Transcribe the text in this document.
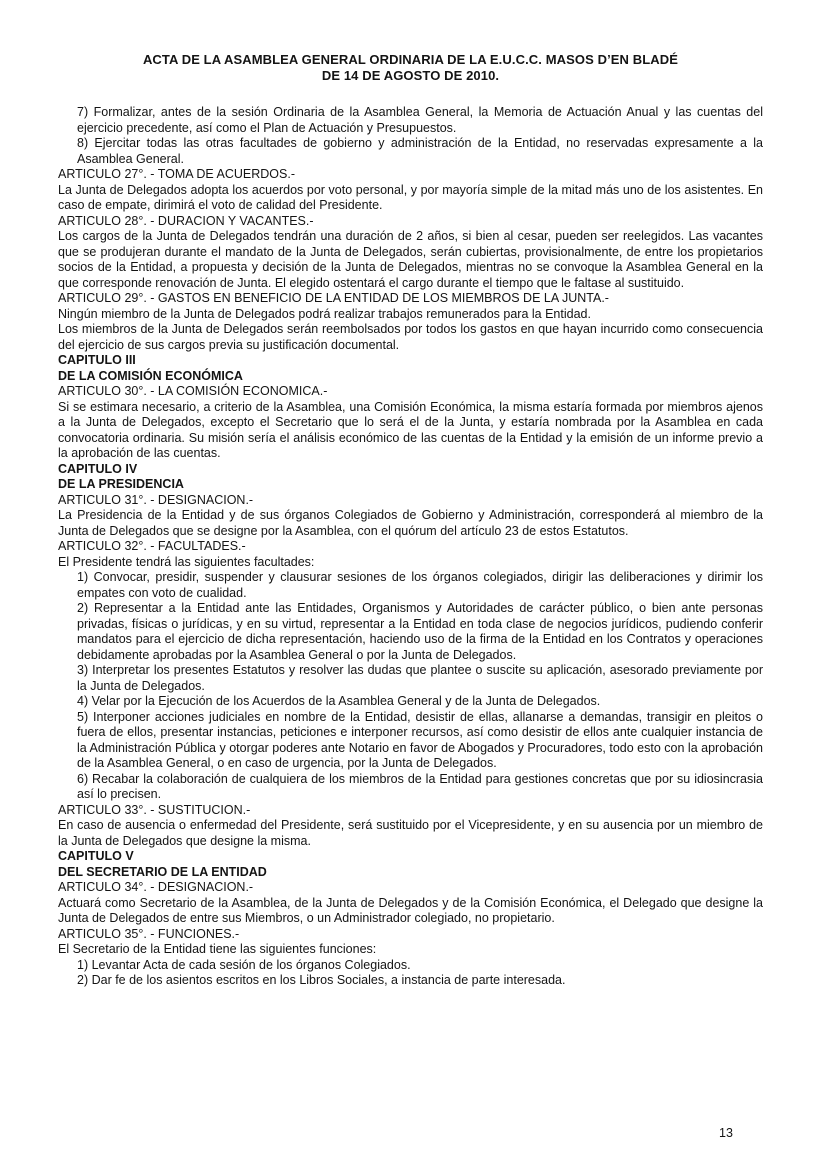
ACTA DE LA ASAMBLEA GENERAL ORDINARIA DE LA E.U.C.C. MASOS D’EN BLADÉ
DE 14 DE AGOSTO DE 2010.

7) Formalizar, antes de la sesión Ordinaria de la Asamblea General, la Memoria de Actuación Anual y las cuentas del ejercicio precedente, así como el Plan de Actuación y Presupuestos.

8) Ejercitar todas las otras facultades de gobierno y administración de la Entidad, no reservadas expresamente a la Asamblea General.

ARTICULO 27°. - TOMA DE ACUERDOS.-

La Junta de Delegados adopta los acuerdos por voto personal, y por mayoría simple de la mitad más uno de los asistentes. En caso de empate, dirimirá el voto de calidad del Presidente.

ARTICULO 28°. - DURACION Y VACANTES.-

Los cargos de la Junta de Delegados tendrán una duración de 2 años, si bien al cesar, pueden ser reelegidos. Las vacantes que se produjeran durante el mandato de la Junta de Delegados, serán cubiertas, provisionalmente, de entre los propietarios socios de la Entidad, a propuesta y decisión de la Junta de Delegados, mientras no se convoque la Asamblea General en la que corresponde renovación de Junta. El elegido ostentará el cargo durante el tiempo que le faltase al sustituido.

ARTICULO 29°. - GASTOS EN BENEFICIO DE LA ENTIDAD DE LOS MIEMBROS DE LA JUNTA.-

Ningún miembro de la Junta de Delegados podrá realizar trabajos remunerados para la Entidad.

Los miembros de la Junta de Delegados serán reembolsados por todos los gastos en que hayan incurrido como consecuencia del ejercicio de sus cargos previa su justificación documental.

CAPITULO III

DE LA COMISIÓN ECONÓMICA

ARTICULO 30°. - LA COMISIÓN ECONOMICA.-

Si se estimara necesario, a criterio de la Asamblea, una Comisión Económica, la misma estaría formada por miembros ajenos a la Junta de Delegados, excepto el Secretario que lo será el de la Junta, y estaría nombrada por la Asamblea en cada convocatoria ordinaria. Su misión sería el análisis económico de las cuentas de la Entidad y la emisión de un informe previo a la aprobación de las cuentas.

CAPITULO IV

DE LA PRESIDENCIA

ARTICULO 31°. - DESIGNACION.-

La Presidencia de la Entidad y de sus órganos Colegiados de Gobierno y Administración, corresponderá al miembro de la Junta de Delegados que se designe por la Asamblea, con el quórum del artículo 23 de estos Estatutos.

ARTICULO 32°. - FACULTADES.-

El Presidente tendrá las siguientes facultades:

1) Convocar, presidir, suspender y clausurar sesiones de los órganos colegiados, dirigir las deliberaciones y dirimir los empates con voto de cualidad.

2) Representar a la Entidad ante las Entidades, Organismos y Autoridades de carácter público, o bien ante personas privadas, físicas o jurídicas, y en su virtud, representar a la Entidad en toda clase de negocios jurídicos, pudiendo conferir mandatos para el ejercicio de dicha representación, haciendo uso de la firma de la Entidad en los Contratos y operaciones debidamente aprobadas por la Asamblea General o por la Junta de Delegados.

3) Interpretar los presentes Estatutos y resolver las dudas que plantee o suscite su aplicación, asesorado previamente por la Junta de Delegados.

4) Velar por la Ejecución de los Acuerdos de la Asamblea General y de la Junta de Delegados.

5) Interponer acciones judiciales en nombre de la Entidad, desistir de ellas, allanarse a demandas, transigir en pleitos o fuera de ellos, presentar instancias, peticiones e interponer recursos, así como desistir de ellos ante cualquier instancia de la Administración Pública y otorgar poderes ante Notario en favor de Abogados y Procuradores, todo esto con la aprobación de la Asamblea General, o en caso de urgencia, por la Junta de Delegados.

6) Recabar la colaboración de cualquiera de los miembros de la Entidad para gestiones concretas que por su idiosincrasia así lo precisen.

ARTICULO 33°. - SUSTITUCION.-

En caso de ausencia o enfermedad del Presidente, será sustituido por el Vicepresidente, y en su ausencia por un miembro de la Junta de Delegados que designe la misma.

CAPITULO V

DEL SECRETARIO DE LA ENTIDAD

ARTICULO 34°. - DESIGNACION.-

Actuará como Secretario de la Asamblea, de la Junta de Delegados y de la Comisión Económica, el Delegado que designe la Junta de Delegados de entre sus Miembros, o un Administrador colegiado, no propietario.

ARTICULO 35°. - FUNCIONES.-

El Secretario de la Entidad tiene las siguientes funciones:

1) Levantar Acta de cada sesión de los órganos Colegiados.

2) Dar fe de los asientos escritos en los Libros Sociales, a instancia de parte interesada.

13
